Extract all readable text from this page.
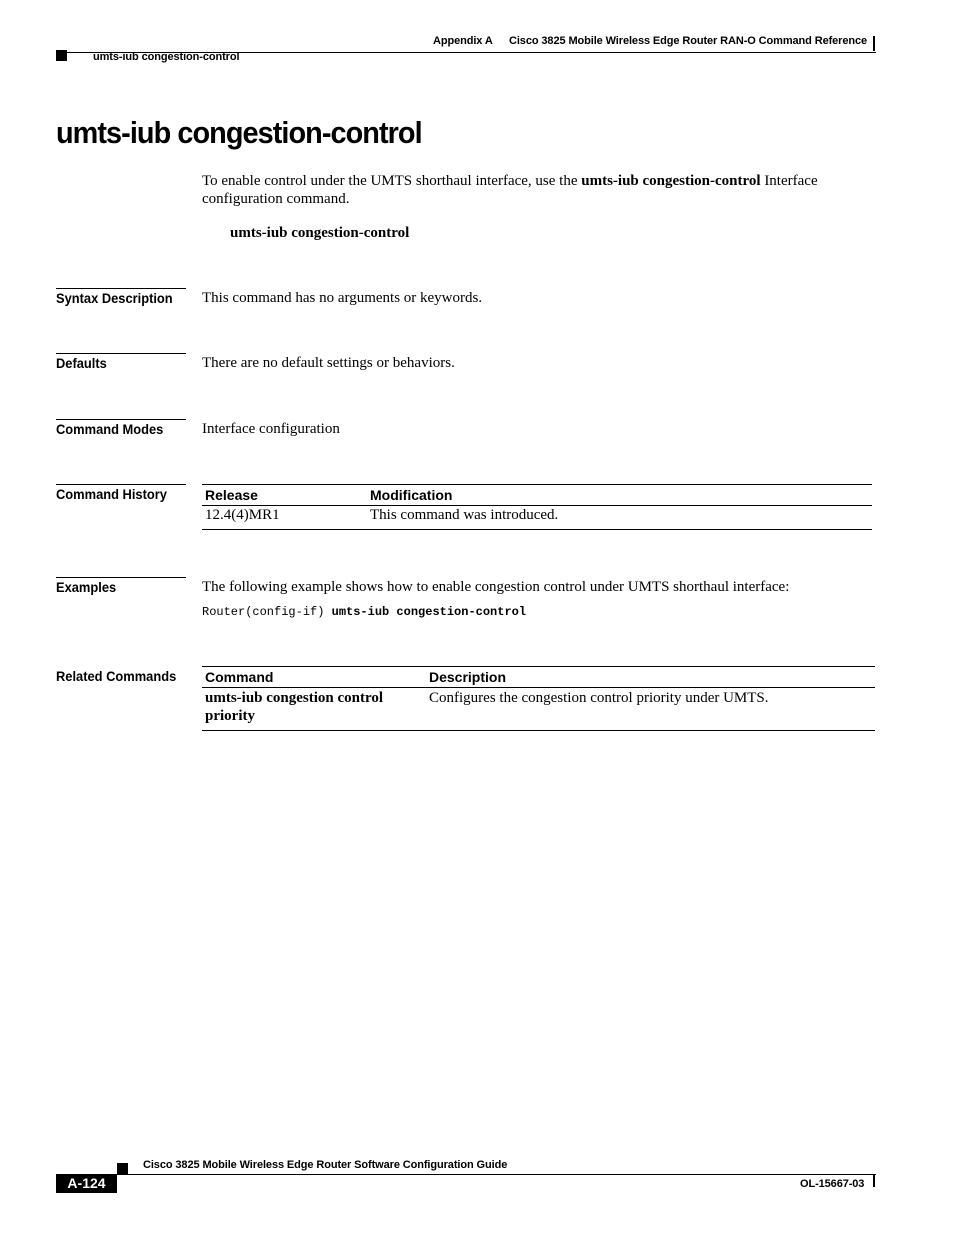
Appendix A Cisco 3825 Mobile Wireless Edge Router RAN-O Command Reference
umts-iub congestion-control
umts-iub congestion-control
To enable control under the UMTS shorthaul interface, use the umts-iub congestion-control Interface configuration command.
umts-iub congestion-control
Syntax Description This command has no arguments or keywords.
Defaults	There are no default settings or behaviors.
Command Modes	Interface configuration
Command History	Release	Modification
12.4(4)MR1	This command was introduced.
Examples	The following example shows how to enable congestion control under UMTS shorthaul interface:
Router(config-if) umts-iub congestion-control
Related Commands Command	Description
umts-iub congestion control priority	Configures the congestion control priority under UMTS.
Cisco 3825 Mobile Wireless Edge Router Software Configuration Guide
A-124	OL-15667-03
